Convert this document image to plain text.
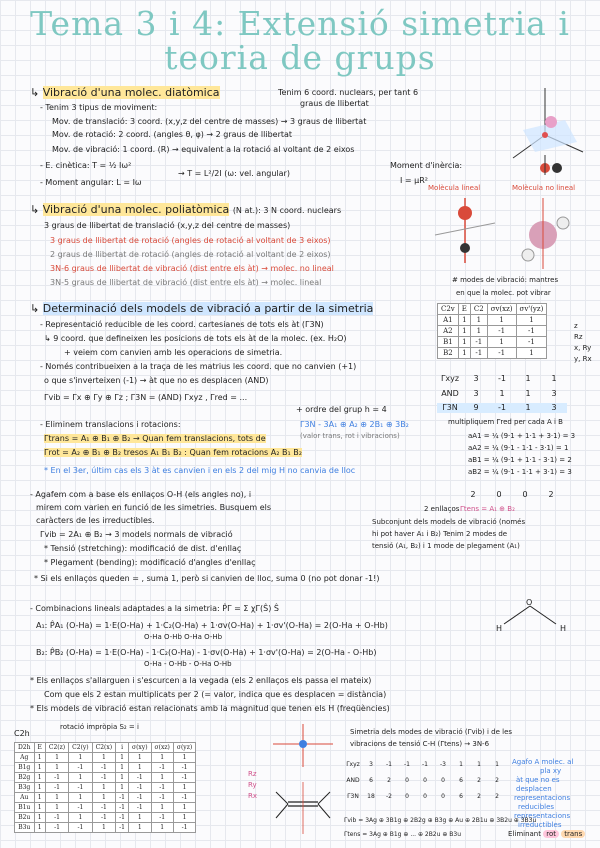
Tema 3 i 4: Extensió simetria i
teoria de grups
↳ Vibració d'una molec. diatòmica	Tenim 6 coord. nuclears, per tant 6
graus de llibertat
- Tenim 3 tipus de moviment:
Mov. de translació: 3 coord. (x,y,z del centre de masses) → 3 graus de llibertat
Mov. de rotació: 2 coord. (angles θ, φ) → 2 graus de llibertat
Mov. de vibració: 1 coord. (R) → equivalent a la rotació al voltant de 2 eixos
- E. cinètica: T = ½ Iω²
→ T = L²/2I (ω: vel. angular)
Moment d'inèrcia:
- Moment angular: L = Iω	I = μR²
↳ Vibració d'una molec. poliatòmica (N at.): 3 N coord. nuclears
3 graus de llibertat de translació (x,y,z del centre de masses)
3 graus de llibertat de rotació (angles de rotació al voltant de 3 eixos)
2 graus de llibertat de rotació (angles de rotació al voltant de 2 eixos)
3N-6 graus de llibertat de vibració (dist entre els àt) → molec. no lineal
3N-5 graus de llibertat de vibració (dist entre els àt) → molec. lineal
Molècula lineal	Molècula no lineal
# modes de vibració: mantres
en que la molec. pot vibrar
↳ Determinació dels models de vibració a partir de la simetria
- Representació reducible de les coord. cartesianes de tots els àt (Γ3N)
↳ 9 coord. que defineixen les posicions de tots els àt de la molec. (ex. H₂O)
+ veiem com canvien amb les operacions de simetria.
- Només contribueixen a la traça de les matrius les coord. que no canvien (+1)
o que s'inverteixen (-1) → àt que no es desplacen (AND)
Γvib = Γx ⊕ Γy ⊕ Γz ; Γ3N = (AND) Γxyz , Γred = ...
+ ordre del grup h = 4
C2v	E	C2	σv(xz)	σv'(yz)
A1	1	1	1	1
A2	1	1	-1	-1
B1	1	-1	1	-1
B2	1	-1	-1	1
z
Rz
x, Ry
y, Rx
Γxyz	3	-1	1	1
AND	3	1	1	3
Γ3N	9	-1	1	3
- Eliminem translacions i rotacions:
Γtrans = A₁ ⊕ B₁ ⊕ B₂ → Quan fem translacions, tots de
Γrot = A₂ ⊕ B₁ ⊕ B₂ tresos A₁ B₁ B₂ : Quan fem rotacions A₂ B₁ B₂
* En el 3er, últim cas els 3 àt es canvien i en els 2 del mig H no canvia de lloc
Γ3N - 3A₁ ⊕ A₂ ⊕ 2B₁ ⊕ 3B₂
(valor trans, rot i vibracions)
multipliquem Γred per cada A i B
aA1 = ¼ (9·1 + 1·1 + 3·1) = 3
aA2 = ¼ (9·1 - 1·1 - 3·1) = 1
aB1 = ¼ (9·1 + 1·1 - 3·1) = 2
aB2 = ¼ (9·1 - 1·1 + 3·1) = 3
- Agafem com a base els enllaços O-H (els angles no), i
mirem com varien en funció de les simetries. Busquem els
caràcters de les irreductibles.
Γvib = 2A₁ ⊕ B₂ → 3 models normals de vibració
* Tensió (stretching): modificació de dist. d'enllaç
* Plegament (bending): modificació d'angles d'enllaç
* Si els enllaços queden = , suma 1, però si canvien de lloc, suma 0 (no pot donar -1!)
2	0	0	2
2 enllaços Γtens = A₁ ⊕ B₂
Subconjunt dels models de vibració (només
hi pot haver A₁ i B₂) Tenim 2 modes de
tensió (A₁, B₂) i 1 mode de plegament (A₁)
- Combinacions lineals adaptades a la simetria: P̂Γ = Σ χΓ(Ŝ) Ŝ
A₁: P̂A₁ (O-Ha) = 1·E(O-Ha) + 1·C₂(O-Ha) + 1·σv(O-Ha) + 1·σv'(O-Ha) = 2(O-Ha + O-Hb)
O-Ha O-Hb O-Ha O-Hb
B₂: P̂B₂ (O-Ha) = 1·E(O-Ha) - 1·C₂(O-Ha) - 1·σv(O-Ha) + 1·σv'(O-Ha) = 2(O-Ha - O-Hb)
O-Ha - O-Hb - O-Ha O-Hb
* Els enllaços s'allarguen i s'escurcen a la vegada (els 2 enllaços els passa el mateix)
Com que els 2 estan multiplicats per 2 (= valor, indica que es desplacen = distància)
* Els models de vibració estan relacionats amb la magnitud que tenen els H (freqüències)
O
H	H
C2h
rotació impròpia S₂ = i
D2h	E	C2(z)	C2(y)	C2(x)	i	σ(xy)	σ(xz)	σ(yz)
Ag	1	1	1	1	1	1	1	1
B1g	1	1	-1	-1	1	1	-1	-1
B2g	1	-1	1	-1	1	-1	1	-1
B3g	1	-1	-1	1	1	-1	-1	1
Au	1	1	1	1	-1	-1	-1	-1
B1u	1	1	-1	-1	-1	-1	1	1
B2u	1	-1	1	-1	-1	1	-1	1
B3u	1	-1	-1	1	-1	1	1	-1
Rz
Ry
Rx
Simetria dels modes de vibració (Γvib) i de les
vibracions de tensió C-H (Γtens) → 3N-6
Γxyz	3	-1	-1	-1	-3	1	1	1
AND	6	2	0	0	0	6	2	2
Γ3N	18	-2	0	0	0	6	2	2
Agafo A molec. al
pla xy
àt que no es
desplacen
representacions
reducibles
representacions
irreductibles
Γvib = 3Ag ⊕ 3B1g ⊕ 2B2g ⊕ B3g ⊕ Au ⊕ 2B1u ⊕ 3B2u ⊕ 3B3u
Γtens = 3Ag ⊕ B1g ⊕ ... ⊕ 2B2u ⊕ B3u	Eliminant rot trans
